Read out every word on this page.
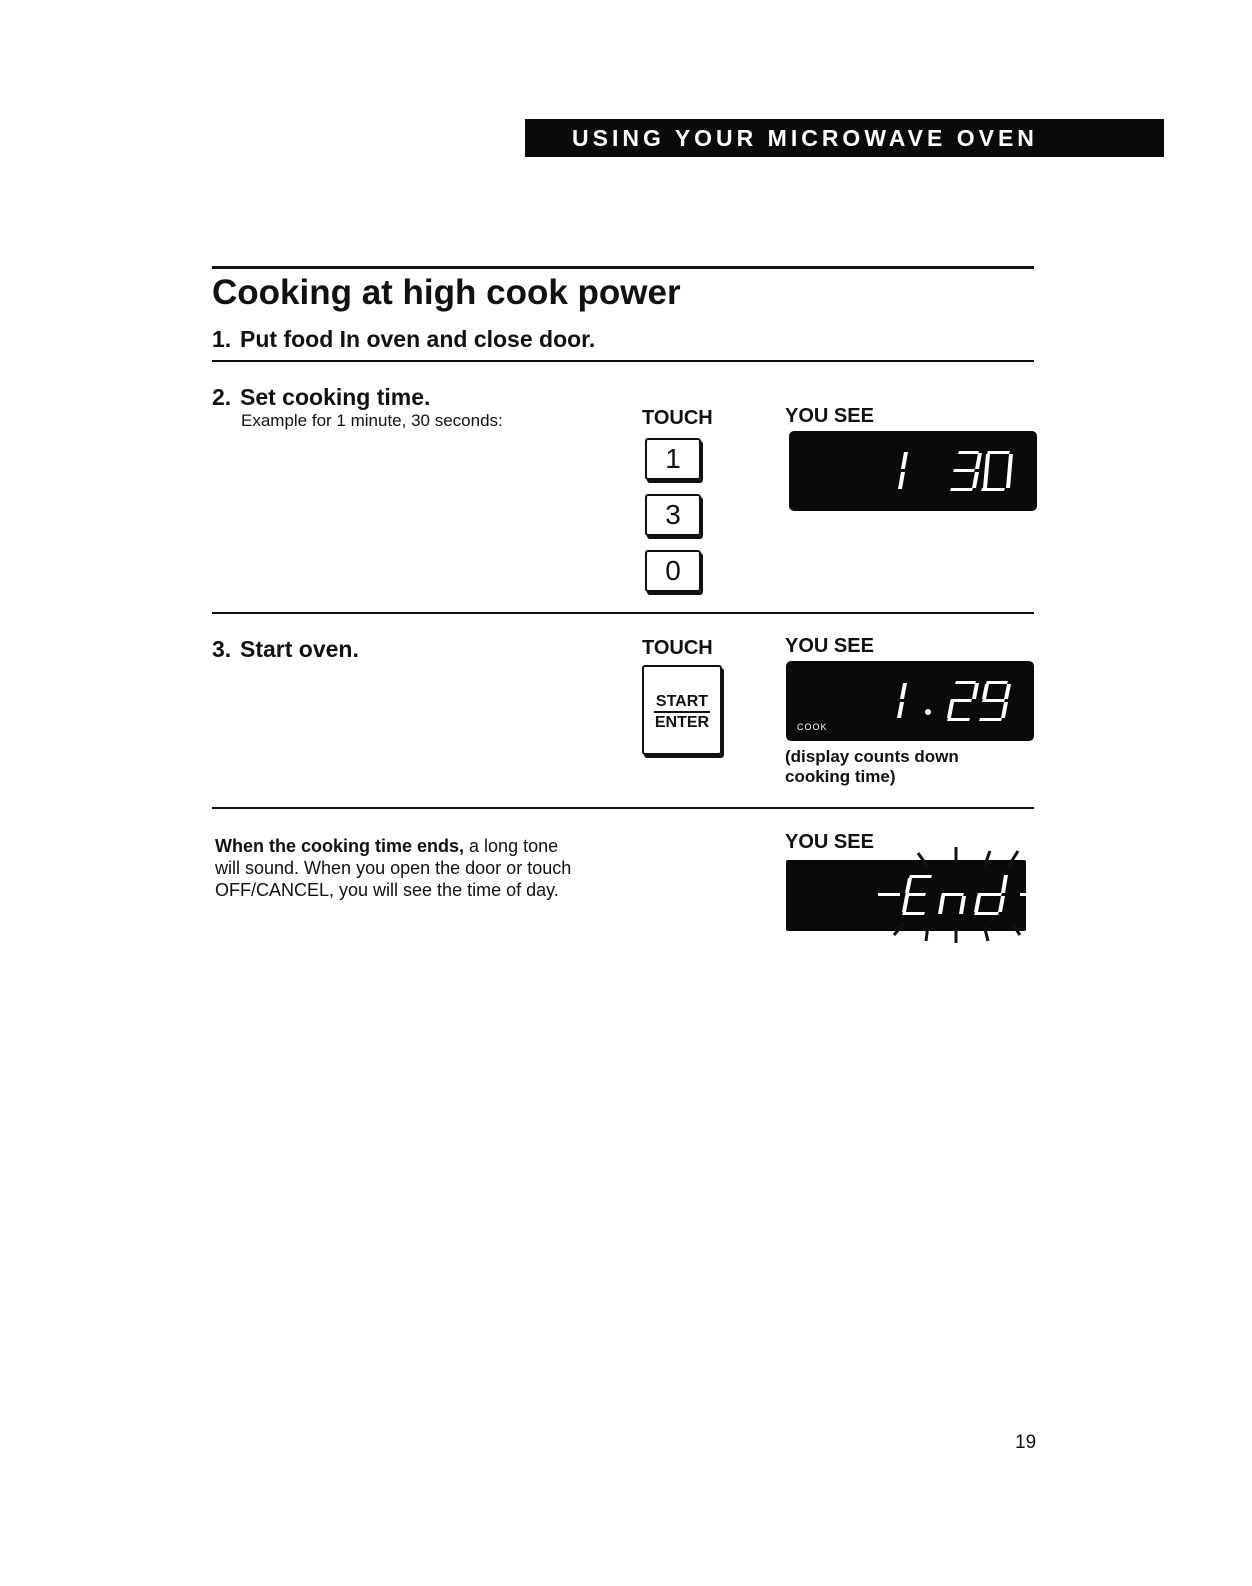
USING YOUR MICROWAVE OVEN
Cooking at high cook power
1. Put food In oven and close door.
2. Set cooking time.
Example for 1 minute, 30 seconds:	TOUCH	YOU SEE
1
3
0
3. Start oven.	TOUCH	YOU SEE
START
ENTER	COOK
(display counts down
cooking time)
When the cooking time ends, a long tone
will sound. When you open the door or touch
OFF/CANCEL, you will see the time of day.
YOU SEE
19
